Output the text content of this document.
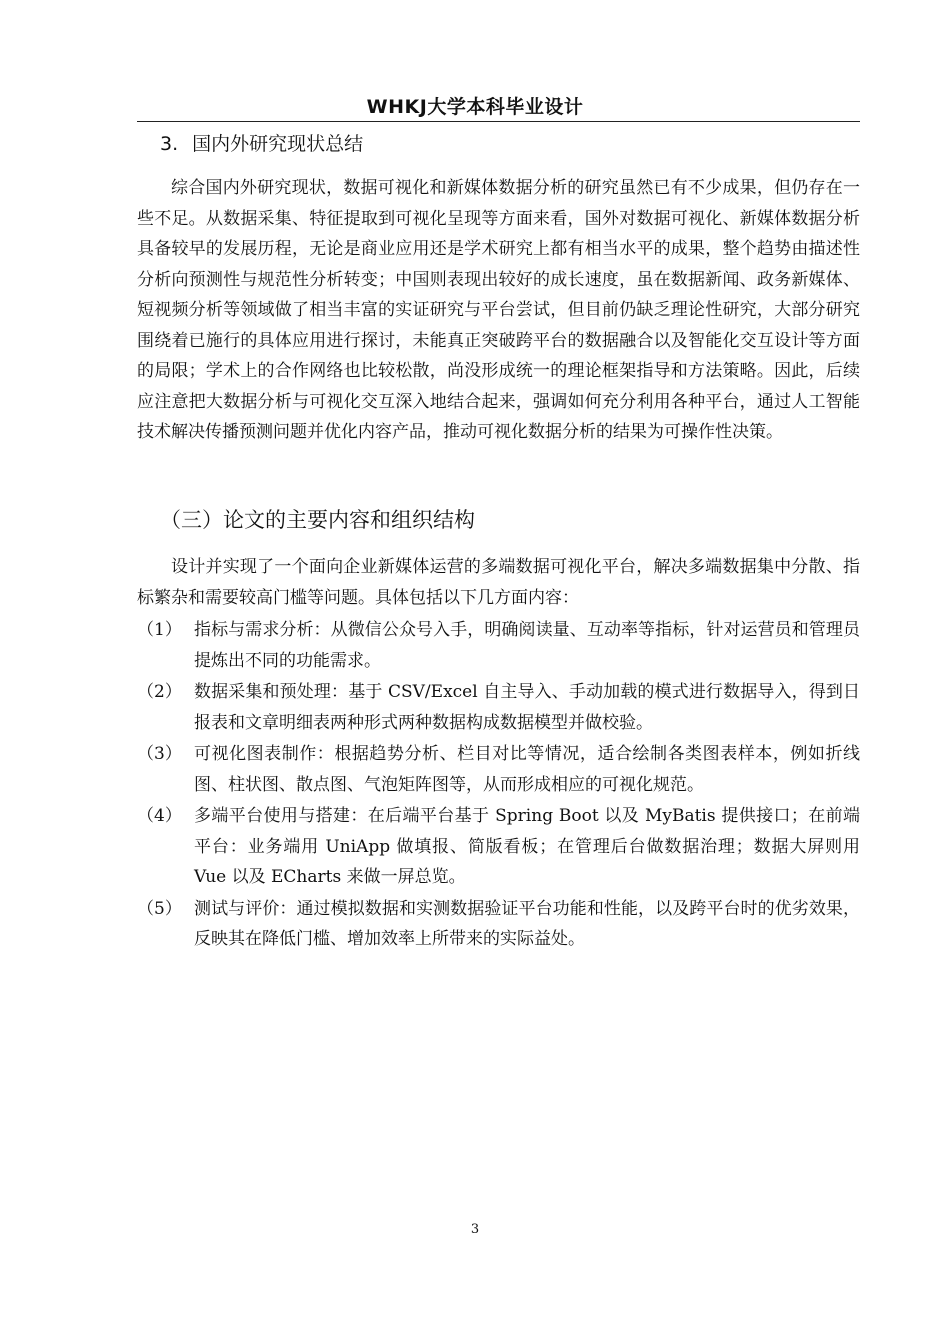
WHKJ大学本科毕业设计
3. 国内外研究现状总结

综合国内外研究现状，数据可视化和新媒体数据分析的研究虽然已有不少成果，但仍存在一些不足。从数据采集、特征提取到可视化呈现等方面来看，国外对数据可视化、新媒体数据分析具备较早的发展历程，无论是商业应用还是学术研究上都有相当水平的成果，整个趋势由描述性分析向预测性与规范性分析转变；中国则表现出较好的成长速度，虽在数据新闻、政务新媒体、短视频分析等领域做了相当丰富的实证研究与平台尝试，但目前仍缺乏理论性研究，大部分研究围绕着已施行的具体应用进行探讨，未能真正突破跨平台的数据融合以及智能化交互设计等方面的局限；学术上的合作网络也比较松散，尚没形成统一的理论框架指导和方法策略。因此，后续应注意把大数据分析与可视化交互深入地结合起来，强调如何充分利用各种平台，通过人工智能技术解决传播预测问题并优化内容产品，推动可视化数据分析的结果为可操作性决策。

（三）论文的主要内容和组织结构

设计并实现了一个面向企业新媒体运营的多端数据可视化平台，解决多端数据集中分散、指标繁杂和需要较高门槛等问题。具体包括以下几方面内容：

（1） 指标与需求分析：从微信公众号入手，明确阅读量、互动率等指标，针对运营员和管理员提炼出不同的功能需求。
（2） 数据采集和预处理：基于 CSV/Excel 自主导入、手动加载的模式进行数据导入，得到日报表和文章明细表两种形式两种数据构成数据模型并做校验。
（3） 可视化图表制作：根据趋势分析、栏目对比等情况，适合绘制各类图表样本，例如折线图、柱状图、散点图、气泡矩阵图等，从而形成相应的可视化规范。
（4） 多端平台使用与搭建：在后端平台基于 Spring Boot 以及 MyBatis 提供接口；在前端平台：业务端用 UniApp 做填报、简版看板；在管理后台做数据治理；数据大屏则用 Vue 以及 ECharts 来做一屏总览。
（5） 测试与评价：通过模拟数据和实测数据验证平台功能和性能，以及跨平台时的优劣效果，反映其在降低门槛、增加效率上所带来的实际益处。
3
